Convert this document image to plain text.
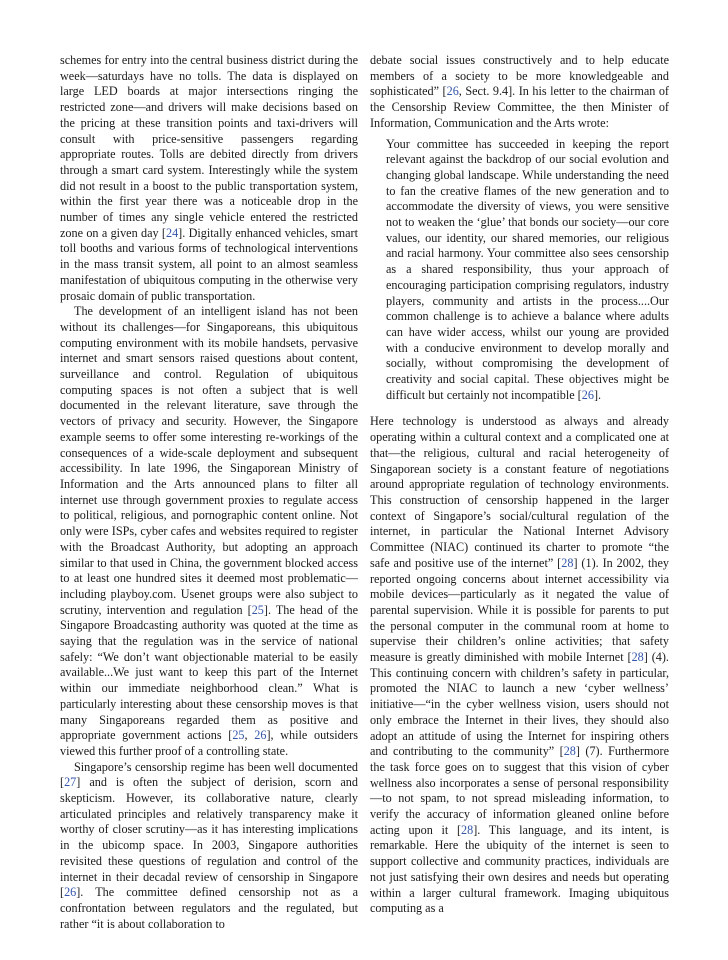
schemes for entry into the central business district during the week—saturdays have no tolls. The data is displayed on large LED boards at major intersections ringing the restricted zone—and drivers will make decisions based on the pricing at these transition points and taxi-drivers will consult with price-sensitive passengers regarding appropriate routes. Tolls are debited directly from drivers through a smart card system. Interestingly while the system did not result in a boost to the public transportation system, within the first year there was a noticeable drop in the number of times any single vehicle entered the restricted zone on a given day [24]. Digitally enhanced vehicles, smart toll booths and various forms of technological interventions in the mass transit system, all point to an almost seamless manifestation of ubiquitous computing in the otherwise very prosaic domain of public transportation.

The development of an intelligent island has not been without its challenges—for Singaporeans, this ubiquitous computing environment with its mobile handsets, pervasive internet and smart sensors raised questions about content, surveillance and control. Regulation of ubiquitous computing spaces is not often a subject that is well documented in the relevant literature, save through the vectors of privacy and security. However, the Singapore example seems to offer some interesting re-workings of the consequences of a wide-scale deployment and subsequent accessibility. In late 1996, the Singaporean Ministry of Information and the Arts announced plans to filter all internet use through government proxies to regulate access to political, religious, and pornographic content online. Not only were ISPs, cyber cafes and websites required to register with the Broadcast Authority, but adopting an approach similar to that used in China, the government blocked access to at least one hundred sites it deemed most problematic—including playboy.com. Usenet groups were also subject to scrutiny, intervention and regulation [25]. The head of the Singapore Broadcasting authority was quoted at the time as saying that the regulation was in the service of national safely: “We don’t want objectionable material to be easily available...We just want to keep this part of the Internet within our immediate neighborhood clean.” What is particularly interesting about these censorship moves is that many Singaporeans regarded them as positive and appropriate government actions [25, 26], while outsiders viewed this further proof of a controlling state.

Singapore’s censorship regime has been well documented [27] and is often the subject of derision, scorn and skepticism. However, its collaborative nature, clearly articulated principles and relatively transparency make it worthy of closer scrutiny—as it has interesting implications in the ubicomp space. In 2003, Singapore authorities revisited these questions of regulation and control of the internet in their decadal review of censorship in Singapore [26]. The committee defined censorship not as a confrontation between regulators and the regulated, but rather “it is about collaboration to

debate social issues constructively and to help educate members of a society to be more knowledgeable and sophisticated” [26, Sect. 9.4]. In his letter to the chairman of the Censorship Review Committee, the then Minister of Information, Communication and the Arts wrote:

Your committee has succeeded in keeping the report relevant against the backdrop of our social evolution and changing global landscape. While understanding the need to fan the creative flames of the new generation and to accommodate the diversity of views, you were sensitive not to weaken the ‘glue’ that bonds our society—our core values, our identity, our shared memories, our religious and racial harmony. Your committee also sees censorship as a shared responsibility, thus your approach of encouraging participation comprising regulators, industry players, community and artists in the process....Our common challenge is to achieve a balance where adults can have wider access, whilst our young are provided with a conducive environment to develop morally and socially, without compromising the development of creativity and social capital. These objectives might be difficult but certainly not incompatible [26].

Here technology is understood as always and already operating within a cultural context and a complicated one at that—the religious, cultural and racial heterogeneity of Singaporean society is a constant feature of negotiations around appropriate regulation of technology environments. This construction of censorship happened in the larger context of Singapore’s social/cultural regulation of the internet, in particular the National Internet Advisory Committee (NIAC) continued its charter to promote “the safe and positive use of the internet” [28] (1). In 2002, they reported ongoing concerns about internet accessibility via mobile devices—particularly as it negated the value of parental supervision. While it is possible for parents to put the personal computer in the communal room at home to supervise their children’s online activities; that safety measure is greatly diminished with mobile Internet [28] (4). This continuing concern with children’s safety in particular, promoted the NIAC to launch a new ‘cyber wellness’ initiative—“in the cyber wellness vision, users should not only embrace the Internet in their lives, they should also adopt an attitude of using the Internet for inspiring others and contributing to the community” [28] (7). Furthermore the task force goes on to suggest that this vision of cyber wellness also incorporates a sense of personal responsibility—to not spam, to not spread misleading information, to verify the accuracy of information gleaned online before acting upon it [28]. This language, and its intent, is remarkable. Here the ubiquity of the internet is seen to support collective and community practices, individuals are not just satisfying their own desires and needs but operating within a larger cultural framework. Imaging ubiquitous computing as a
